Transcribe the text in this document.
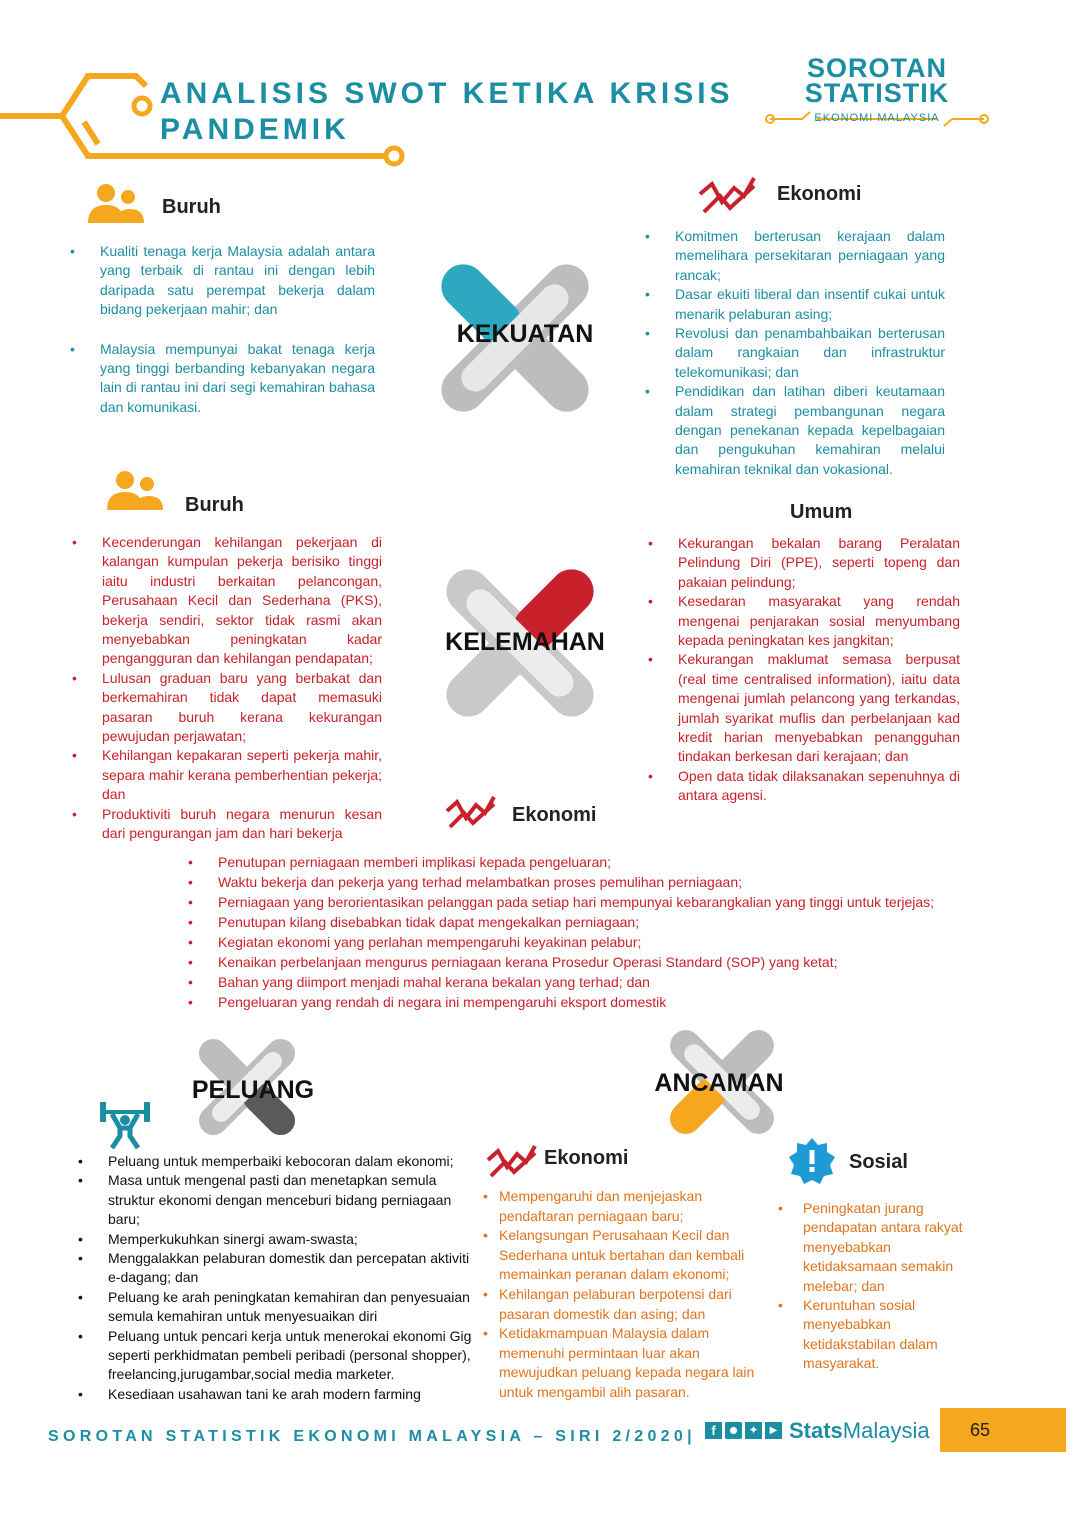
ANALISIS SWOT KETIKA KRISIS
PANDEMIK
SOROTAN
STATISTIK
EKONOMI MALAYSIA
KEKUATAN
Buruh
• Kualiti tenaga kerja Malaysia adalah antara yang terbaik di rantau ini dengan lebih daripada satu perempat bekerja dalam bidang pekerjaan mahir; dan
• Malaysia mempunyai bakat tenaga kerja yang tinggi berbanding kebanyakan negara lain di rantau ini dari segi kemahiran bahasa dan komunikasi.
Ekonomi
• Komitmen berterusan kerajaan dalam memelihara persekitaran perniagaan yang rancak;
• Dasar ekuiti liberal dan insentif cukai untuk menarik pelaburan asing;
• Revolusi dan penambahbaikan berterusan dalam rangkaian dan infrastruktur telekomunikasi; dan
• Pendidikan dan latihan diberi keutamaan dalam strategi pembangunan negara dengan penekanan kepada kepelbagaian dan pengukuhan kemahiran melalui kemahiran teknikal dan vokasional.
KELEMAHAN
Buruh
• Kecenderungan kehilangan pekerjaan di kalangan kumpulan pekerja berisiko tinggi iaitu industri berkaitan pelancongan, Perusahaan Kecil dan Sederhana (PKS), bekerja sendiri, sektor tidak rasmi akan menyebabkan peningkatan kadar pengangguran dan kehilangan pendapatan;
• Lulusan graduan baru yang berbakat dan berkemahiran tidak dapat memasuki pasaran buruh kerana kekurangan pewujudan perjawatan;
• Kehilangan kepakaran seperti pekerja mahir, separa mahir kerana pemberhentian pekerja; dan
• Produktiviti buruh negara menurun kesan dari pengurangan jam dan hari bekerja
Umum
• Kekurangan bekalan barang Peralatan Pelindung Diri (PPE), seperti topeng dan pakaian pelindung;
• Kesedaran masyarakat yang rendah mengenai penjarakan sosial menyumbang kepada peningkatan kes jangkitan;
• Kekurangan maklumat semasa berpusat (real time centralised information), iaitu data mengenai jumlah pelancong yang terkandas, jumlah syarikat muflis dan perbelanjaan kad kredit harian menyebabkan penangguhan tindakan berkesan dari kerajaan; dan
• Open data tidak dilaksanakan sepenuhnya di antara agensi.
Ekonomi
• Penutupan perniagaan memberi implikasi kepada pengeluaran;
• Waktu bekerja dan pekerja yang terhad melambatkan proses pemulihan perniagaan;
• Perniagaan yang berorientasikan pelanggan pada setiap hari mempunyai kebarangkalian yang tinggi untuk terjejas;
• Penutupan kilang disebabkan tidak dapat mengekalkan perniagaan;
• Kegiatan ekonomi yang perlahan mempengaruhi keyakinan pelabur;
• Kenaikan perbelanjaan mengurus perniagaan kerana Prosedur Operasi Standard (SOP) yang ketat;
• Bahan yang diimport menjadi mahal kerana bekalan yang terhad; dan
• Pengeluaran yang rendah di negara ini mempengaruhi eksport domestik
PELUANG
• Peluang untuk memperbaiki kebocoran dalam ekonomi;
• Masa untuk mengenal pasti dan menetapkan semula struktur ekonomi dengan menceburi bidang perniagaan baru;
• Memperkukuhkan sinergi awam-swasta;
• Menggalakkan pelaburan domestik dan percepatan aktiviti e-dagang; dan
• Peluang ke arah peningkatan kemahiran dan penyesuaian semula kemahiran untuk menyesuaikan diri
• Peluang untuk pencari kerja untuk menerokai ekonomi Gig seperti perkhidmatan pembeli peribadi (personal shopper), freelancing,jurugambar,social media marketer.
• Kesediaan usahawan tani ke arah modern farming
ANCAMAN
Ekonomi
• Mempengaruhi dan menjejaskan pendaftaran perniagaan baru;
• Kelangsungan Perusahaan Kecil dan Sederhana untuk bertahan dan kembali memainkan peranan dalam ekonomi;
• Kehilangan pelaburan berpotensi dari pasaran domestik dan asing; dan
• Ketidakmampuan Malaysia dalam memenuhi permintaan luar akan mewujudkan peluang kepada negara lain untuk mengambil alih pasaran.
Sosial
• Peningkatan jurang pendapatan antara rakyat menyebabkan ketidaksamaan semakin melebar; dan
• Keruntuhan sosial menyebabkan ketidakstabilan dalam masyarakat.
SOROTAN STATISTIK EKONOMI MALAYSIA – SIRI 2/2020|	f	✦	▶ StatsMalaysia	65
